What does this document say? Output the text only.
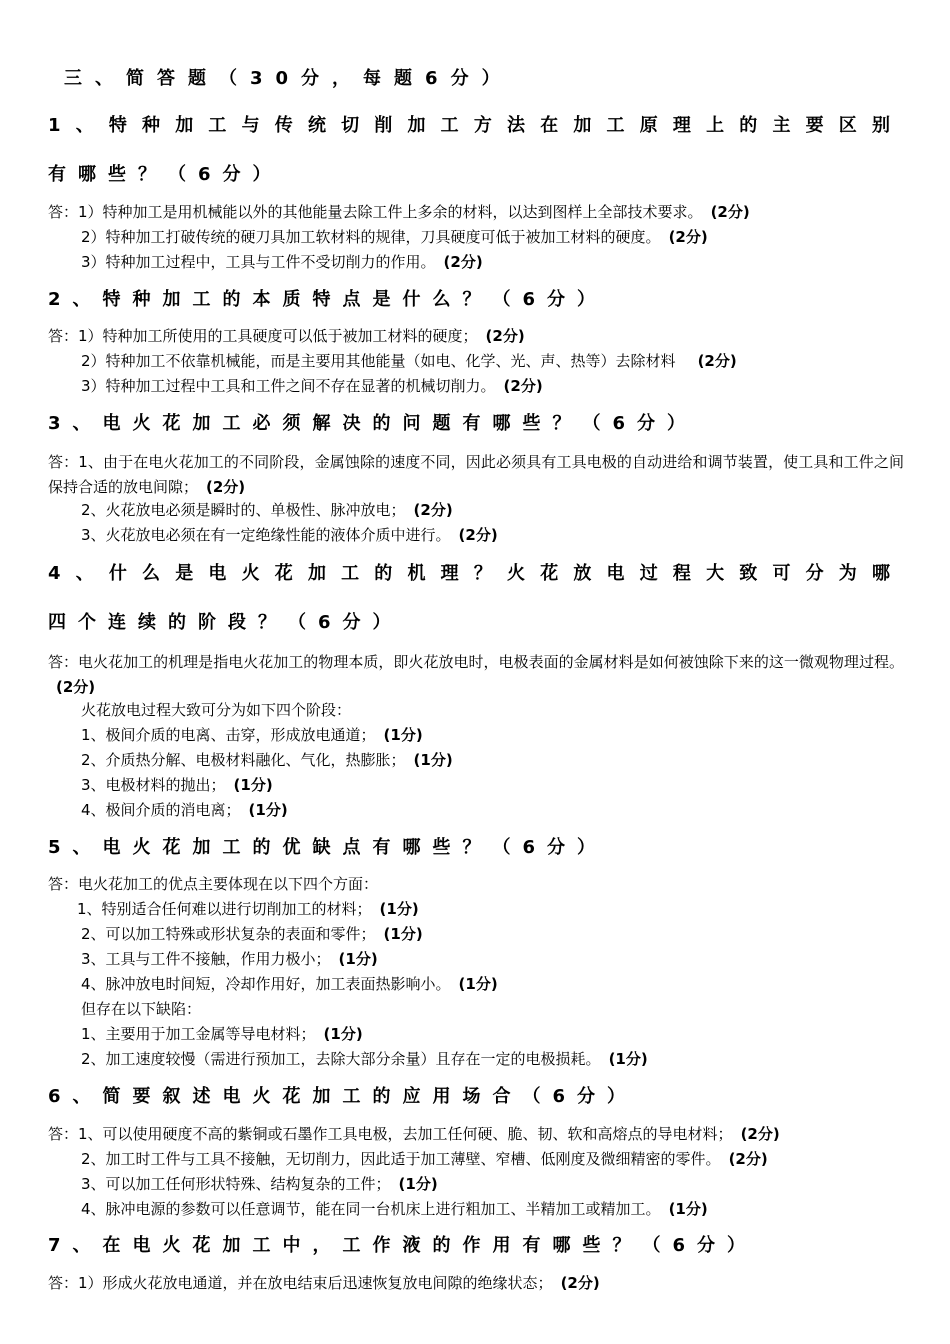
三、简答题（30分，每题6分）
1、特种加工与传统切削加工方法在加工原理上的主要区别
有哪些？（6分）
答：1）特种加工是用机械能以外的其他能量去除工件上多余的材料，以达到图样上全部技术要求。 (2分)
2）特种加工打破传统的硬刀具加工软材料的规律，刀具硬度可低于被加工材料的硬度。 (2分)
3）特种加工过程中，工具与工件不受切削力的作用。 (2分)
2、特种加工的本质特点是什么？（6分）
答：1）特种加工所使用的工具硬度可以低于被加工材料的硬度； (2分)
2）特种加工不依靠机械能，而是主要用其他能量（如电、化学、光、声、热等）去除材料 (2分)
3）特种加工过程中工具和工件之间不存在显著的机械切削力。 (2分)
3、电火花加工必须解决的问题有哪些？（6分）
答：1、由于在电火花加工的不同阶段，金属蚀除的速度不同，因此必须具有工具电极的自动进给和调节装置，使工具和工件之间保持合适的放电间隙； (2分)
2、火花放电必须是瞬时的、单极性、脉冲放电； (2分)
3、火花放电必须在有一定绝缘性能的液体介质中进行。 (2分)
4、什么是电火花加工的机理？火花放电过程大致可分为哪
四个连续的阶段？（6分）
答：电火花加工的机理是指电火花加工的物理本质，即火花放电时，电极表面的金属材料是如何被蚀除下来的这一微观物理过程。(2分)
火花放电过程大致可分为如下四个阶段：
1、极间介质的电离、击穿，形成放电通道； (1分)
2、介质热分解、电极材料融化、气化，热膨胀； (1分)
3、电极材料的抛出； (1分)
4、极间介质的消电离； (1分)
5、电火花加工的优缺点有哪些？（6分）
答：电火花加工的优点主要体现在以下四个方面：
1、特别适合任何难以进行切削加工的材料； (1分)
2、可以加工特殊或形状复杂的表面和零件； (1分)
3、工具与工件不接触，作用力极小； (1分)
4、脉冲放电时间短，冷却作用好，加工表面热影响小。 (1分)
但存在以下缺陷：
1、主要用于加工金属等导电材料； (1分)
2、加工速度较慢（需进行预加工，去除大部分余量）且存在一定的电极损耗。 (1分)
6、简要叙述电火花加工的应用场合（6分）
答：1、可以使用硬度不高的紫铜或石墨作工具电极，去加工任何硬、脆、韧、软和高熔点的导电材料； (2分)
2、加工时工件与工具不接触，无切削力，因此适于加工薄壁、窄槽、低刚度及微细精密的零件。 (2分)
3、可以加工任何形状特殊、结构复杂的工件； (1分)
4、脉冲电源的参数可以任意调节，能在同一台机床上进行粗加工、半精加工或精加工。 (1分)
7、在电火花加工中，工作液的作用有哪些？（6分）
答：1）形成火花放电通道，并在放电结束后迅速恢复放电间隙的绝缘状态； (2分)
